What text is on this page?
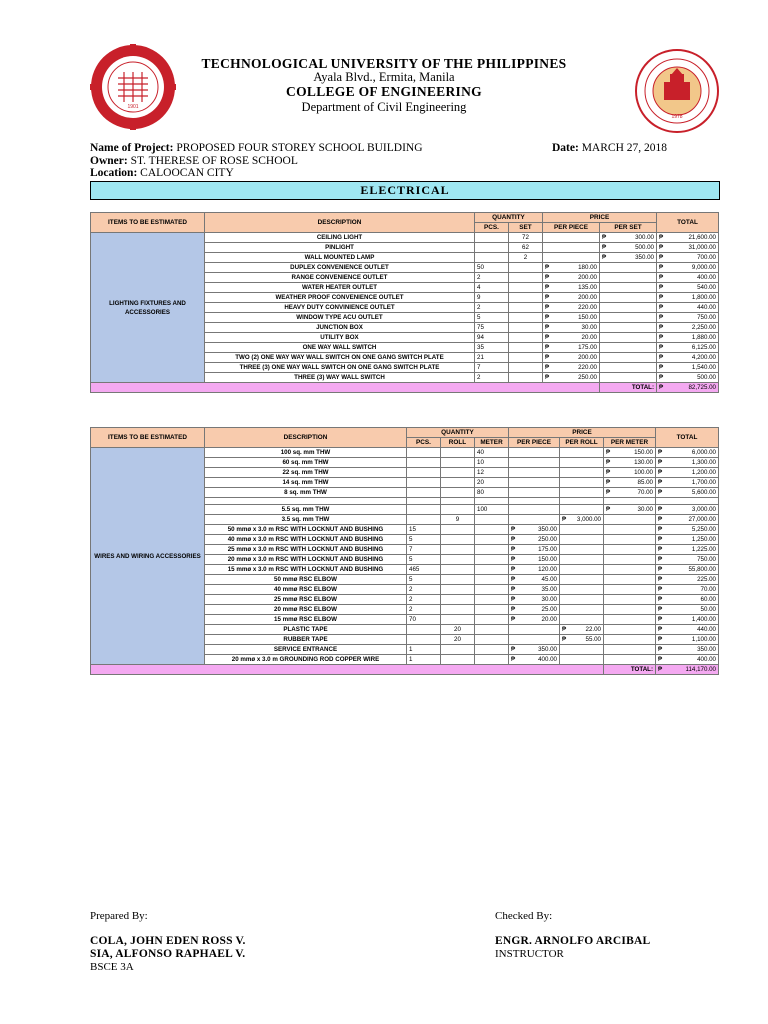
1901
1978
TECHNOLOGICAL UNIVERSITY OF THE PHILIPPINES
Ayala Blvd., Ermita, Manila
COLLEGE OF ENGINEERING
Department of Civil Engineering
Name of Project: PROPOSED FOUR STOREY SCHOOL BUILDING	Date: MARCH 27, 2018
Owner: ST. THERESE OF ROSE SCHOOL
Location: CALOOCAN CITY
ELECTRICAL
ITEMS TO BE ESTIMATED	DESCRIPTION	QUANTITY		PRICE		TOTAL
		PCS.	SET	PER PIECE	PER SET	
LIGHTING FIXTURES AND ACCESSORIES	CEILING LIGHT		72		₱ 300.00	₱ 21,600.00
	PINLIGHT		62		₱ 500.00	₱ 31,000.00
	WALL MOUNTED LAMP		2		₱ 350.00	₱ 700.00
	DUPLEX CONVENIENCE OUTLET	50		₱ 180.00		₱ 9,000.00
	RANGE CONVENIENCE OUTLET	2		₱ 200.00		₱ 400.00
	WATER HEATER OUTLET	4		₱ 135.00		₱ 540.00
	WEATHER PROOF CONVENIENCE OUTLET	9		₱ 200.00		₱ 1,800.00
	HEAVY DUTY CONVINIENCE OUTLET	2		₱ 220.00		₱ 440.00
	WINDOW TYPE ACU OUTLET	5		₱ 150.00		₱ 750.00
	JUNCTION BOX	75		₱ 30.00		₱ 2,250.00
	UTILITY BOX	94		₱ 20.00		₱ 1,880.00
	ONE WAY WALL SWITCH	35		₱ 175.00		₱ 6,125.00
	TWO (2) ONE WAY WAY WALL SWITCH ON ONE GANG SWITCH PLATE	21		₱ 200.00		₱ 4,200.00
	THREE (3) ONE WAY WALL SWITCH ON ONE GANG SWITCH PLATE	7		₱ 220.00		₱ 1,540.00
	THREE (3) WAY WALL SWITCH	2		₱ 250.00		₱ 500.00
					TOTAL:	₱ 82,725.00
ITEMS TO BE ESTIMATED	DESCRIPTION	QUANTITY			PRICE			TOTAL
		PCS.	ROLL	METER	PER PIECE	PER ROLL	PER METER	
WIRES AND WIRING ACCESSORIES	100 sq. mm THW			40			₱ 150.00	₱ 6,000.00
	60 sq. mm THW			10			₱ 130.00	₱ 1,300.00
	22 sq. mm THW			12			₱ 100.00	₱ 1,200.00
	14 sq. mm THW			20			₱ 85.00	₱ 1,700.00
	8 sq. mm THW			80			₱ 70.00	₱ 5,600.00

	5.5 sq. mm THW			100			₱ 30.00	₱ 3,000.00
	3.5 sq. mm THW		9			₱ 3,000.00		₱ 27,000.00
	50 mmø x 3.0 m RSC WITH LOCKNUT AND BUSHING	15			₱ 350.00			₱ 5,250.00
	40 mmø x 3.0 m RSC WITH LOCKNUT AND BUSHING	5			₱ 250.00			₱ 1,250.00
	25 mmø x 3.0 m RSC WITH LOCKNUT AND BUSHING	7			₱ 175.00			₱ 1,225.00
	20 mmø x 3.0 m RSC WITH LOCKNUT AND BUSHING	5			₱ 150.00			₱ 750.00
	15 mmø x 3.0 m RSC WITH LOCKNUT AND BUSHING	465			₱ 120.00			₱ 55,800.00
	50 mmø RSC ELBOW	5			₱ 45.00			₱ 225.00
	40 mmø RSC ELBOW	2			₱ 35.00			₱ 70.00
	25 mmø RSC ELBOW	2			₱ 30.00			₱ 60.00
	20 mmø RSC ELBOW	2			₱ 25.00			₱ 50.00
	15 mmø RSC ELBOW	70			₱ 20.00			₱ 1,400.00
	PLASTIC TAPE		20			₱ 22.00		₱ 440.00
	RUBBER TAPE		20			₱ 55.00		₱ 1,100.00
	SERVICE ENTRANCE	1			₱ 350.00			₱ 350.00
	20 mmø x 3.0 m GROUNDING ROD COPPER WIRE	1			₱ 400.00			₱ 400.00
							TOTAL:	₱ 114,170.00
Prepared By:	Checked By:
COLA, JOHN EDEN ROSS V.
SIA, ALFONSO RAPHAEL V.
BSCE 3A
ENGR. ARNOLFO ARCIBAL
INSTRUCTOR
